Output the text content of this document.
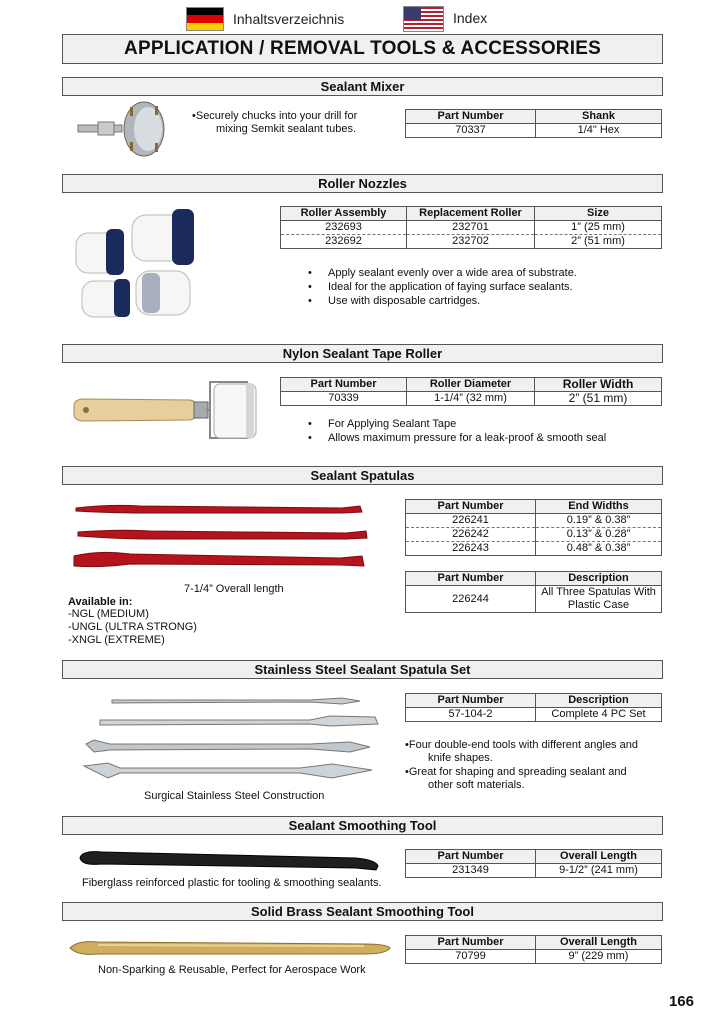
Inhaltsverzeichnis	Index
APPLICATION / REMOVAL TOOLS & ACCESSORIES
Sealant Mixer
•Securely chucks into your drill for
mixing Semkit sealant tubes.
Part Number	Shank
70337	1/4" Hex
Roller Nozzles
Roller Assembly	Replacement Roller	Size
232693	232701	1” (25 mm)
232692	232702	2” (51 mm)
• Apply sealant evenly over a wide area of substrate.
• Ideal for the application of faying surface sealants.
• Use with disposable cartridges.
Nylon Sealant Tape Roller
Part Number	Roller Diameter	Roller Width
70339	1-1/4” (32 mm)	2” (51 mm)
• For Applying Sealant Tape
• Allows maximum pressure for a leak-proof & smooth seal
Sealant Spatulas
7-1/4” Overall length
Available in:
-NGL (MEDIUM)
-UNGL (ULTRA STRONG)
-XNGL (EXTREME)
Part Number	End Widths
226241	0.19” & 0.38”
226242	0.13” & 0.28”
226243	0.48” & 0.38”
Part Number	Description
226244	All Three Spatulas With
Plastic Case
Stainless Steel Sealant Spatula Set
Surgical Stainless Steel Construction
Part Number	Description
57-104-2	Complete 4 PC Set
•Four double-end tools with different angles and
knife shapes.
•Great for shaping and spreading sealant and
other soft materials.
Sealant Smoothing Tool
Fiberglass reinforced plastic for tooling & smoothing sealants.
Part Number	Overall Length
231349	9-1/2” (241 mm)
Solid Brass Sealant Smoothing Tool
Non-Sparking & Reusable, Perfect for Aerospace Work
Part Number	Overall Length
70799	9” (229 mm)
166
